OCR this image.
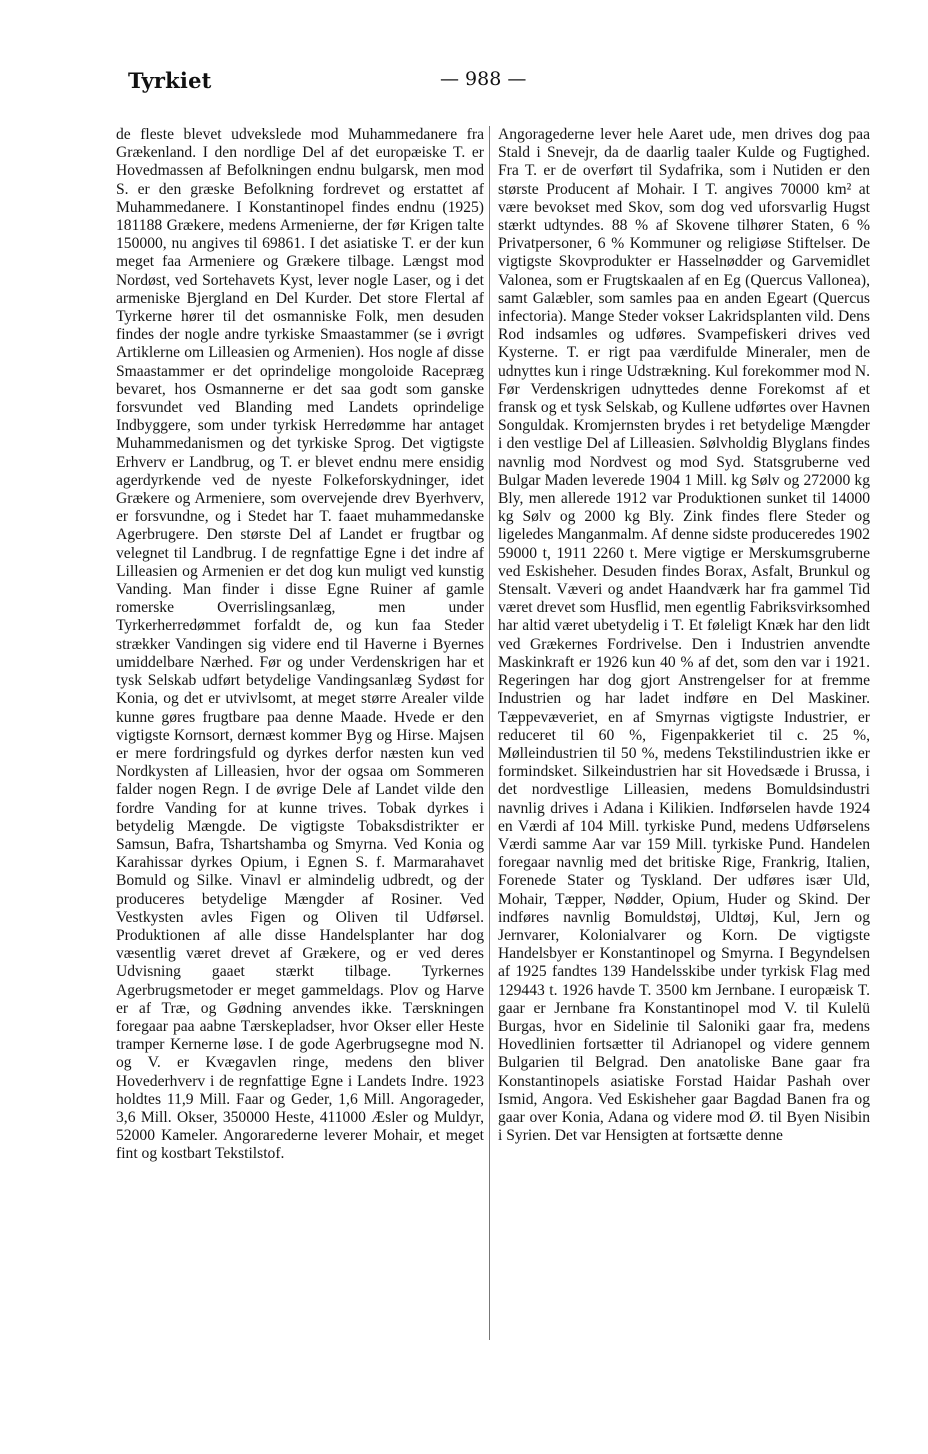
Tyrkiet	— 988 —

de fleste blevet udvekslede mod Muhammedanere fra Grækenland. I den nordlige Del af det europæiske T. er Hovedmassen af Befolkningen endnu bulgarsk, men mod S. er den græske Befolkning fordrevet og erstattet af Muhammedanere. I Konstantinopel findes endnu (1925) 181188 Grækere, medens Armenierne, der før Krigen talte 150000, nu angives til 69861. I det asiatiske T. er der kun meget faa Armeniere og Grækere tilbage. Længst mod Nordøst, ved Sortehavets Kyst, lever nogle Laser, og i det armeniske Bjergland en Del Kurder. Det store Flertal af Tyrkerne hører til det osmanniske Folk, men desuden findes der nogle andre tyrkiske Smaastammer (se i øvrigt Artiklerne om Lilleasien og Armenien). Hos nogle af disse Smaastammer er det oprindelige mongoloide Racepræg bevaret, hos Osmannerne er det saa godt som ganske forsvundet ved Blanding med Landets oprindelige Indbyggere, som under tyrkisk Herredømme har antaget Muhammedanismen og det tyrkiske Sprog. Det vigtigste Erhverv er Landbrug, og T. er blevet endnu mere ensidig agerdyrkende ved de nyeste Folkeforskydninger, idet Grækere og Armeniere, som overvejende drev Byerhverv, er forsvundne, og i Stedet har T. faaet muhammedanske Agerbrugere. Den største Del af Landet er frugtbar og velegnet til Landbrug. I de regnfattige Egne i det indre af Lilleasien og Armenien er det dog kun muligt ved kunstig Vanding. Man finder i disse Egne Ruiner af gamle romerske Overrislingsanlæg, men under Tyrkerherredømmet forfaldt de, og kun faa Steder strækker Vandingen sig videre end til Haverne i Byernes umiddelbare Nærhed. Før og under Verdenskrigen har et tysk Selskab udført betydelige Vandingsanlæg Sydøst for Konia, og det er utvivlsomt, at meget større Arealer vilde kunne gøres frugtbare paa denne Maade. Hvede er den vigtigste Kornsort, dernæst kommer Byg og Hirse. Majsen er mere fordringsfuld og dyrkes derfor næsten kun ved Nordkysten af Lilleasien, hvor der ogsaa om Sommeren falder nogen Regn. I de øvrige Dele af Landet vilde den fordre Vanding for at kunne trives. Tobak dyrkes i betydelig Mængde. De vigtigste Tobaksdistrikter er Samsun, Bafra, Tshartshamba og Smyrna. Ved Konia og Karahissar dyrkes Opium, i Egnen S. f. Marmarahavet Bomuld og Silke. Vinavl er almindelig udbredt, og der produceres betydelige Mængder af Rosiner. Ved Vestkysten avles Figen og Oliven til Udførsel. Produktionen af alle disse Handelsplanter har dog væsentlig været drevet af Grækere, og er ved deres Udvisning gaaet stærkt tilbage. Tyrkernes Agerbrugsmetoder er meget gammeldags. Plov og Harve er af Træ, og Gødning anvendes ikke. Tærskningen foregaar paa aabne Tærskepladser, hvor Okser eller Heste tramper Kernerne løse. I de gode Agerbrugsegne mod N. og V. er Kvægavlen ringe, medens den bliver Hovederhverv i de regnfattige Egne i Landets Indre. 1923 holdtes 11,9 Mill. Faar og Geder, 1,6 Mill. Angorageder, 3,6 Mill. Okser, 350000 Heste, 411000 Æsler og Muldyr, 52000 Kameler. Angorагederne leverer Mohair, et meget fint og kostbart Tekstilstof.

Angoragederne lever hele Aaret ude, men drives dog paa Stald i Snevejr, da de daarlig taaler Kulde og Fugtighed. Fra T. er de overført til Sydafrika, som i Nutiden er den største Producent af Mohair. I T. angives 70000 km² at være bevokset med Skov, som dog ved uforsvarlig Hugst stærkt udtyndes. 88 % af Skovene tilhører Staten, 6 % Privatpersoner, 6 % Kommuner og religiøse Stiftelser. De vigtigste Skovprodukter er Hasselnødder og Garvemidlet Valonea, som er Frugtskaalen af en Eg (Quercus Vallonea), samt Galæbler, som samles paa en anden Egeart (Quercus infectoria). Mange Steder vokser Lakridsplanten vild. Dens Rod indsamles og udføres. Svampefiskeri drives ved Kysterne. T. er rigt paa værdifulde Mineraler, men de udnyttes kun i ringe Udstrækning. Kul forekommer mod N. Før Verdenskrigen udnyttedes denne Forekomst af et fransk og et tysk Selskab, og Kullene udførtes over Havnen Songuldak. Kromjernsten brydes i ret betydelige Mængder i den vestlige Del af Lilleasien. Sølvholdig Blyglans findes navnlig mod Nordvest og mod Syd. Statsgruberne ved Bulgar Maden leverede 1904 1 Mill. kg Sølv og 272000 kg Bly, men allerede 1912 var Produktionen sunket til 14000 kg Sølv og 2000 kg Bly. Zink findes flere Steder og ligeledes Manganmalm. Af denne sidste produceredes 1902 59000 t, 1911 2260 t. Mere vigtige er Merskumsgruberne ved Eskisheher. Desuden findes Borax, Asfalt, Brunkul og Stensalt. Væveri og andet Haandværk har fra gammel Tid været drevet som Husflid, men egentlig Fabriksvirksomhed har altid været ubetydelig i T. Et føleligt Knæk har den lidt ved Grækernes Fordrivelse. Den i Industrien anvendte Maskinkraft er 1926 kun 40 % af det, som den var i 1921. Regeringen har dog gjort Anstrengelser for at fremme Industrien og har ladet indføre en Del Maskiner. Tæppevæveriet, en af Smyrnas vigtigste Industrier, er reduceret til 60 %, Figenpakkeriet til c. 25 %, Mølleindustrien til 50 %, medens Tekstilindustrien ikke er formindsket. Silkeindustrien har sit Hovedsæde i Brussa, i det nordvestlige Lilleasien, medens Bomuldsindustri navnlig drives i Adana i Kilikien. Indførselen havde 1924 en Værdi af 104 Mill. tyrkiske Pund, medens Udførselens Værdi samme Aar var 159 Mill. tyrkiske Pund. Handelen foregaar navnlig med det britiske Rige, Frankrig, Italien, Forenede Stater og Tyskland. Der udføres især Uld, Mohair, Tæpper, Nødder, Opium, Huder og Skind. Der indføres navnlig Bomuldstøj, Uldtøj, Kul, Jern og Jernvarer, Kolonialvarer og Korn. De vigtigste Handelsbyer er Konstantinopel og Smyrna. I Begyndelsen af 1925 fandtes 139 Handelsskibe under tyrkisk Flag med 129443 t. 1926 havde T. 3500 km Jernbane. I europæisk T. gaar er Jernbane fra Konstantinopel mod V. til Kulelü Burgas, hvor en Sidelinie til Saloniki gaar fra, medens Hovedlinien fortsætter til Adrianopel og videre gennem Bulgarien til Belgrad. Den anatoliske Bane gaar fra Konstantinopels asiatiske Forstad Haidar Pashah over Ismid, Angora. Ved Eskisheher gaar Bagdad Banen fra og gaar over Konia, Adana og videre mod Ø. til Byen Nisibin i Syrien. Det var Hensigten at fortsætte denne
